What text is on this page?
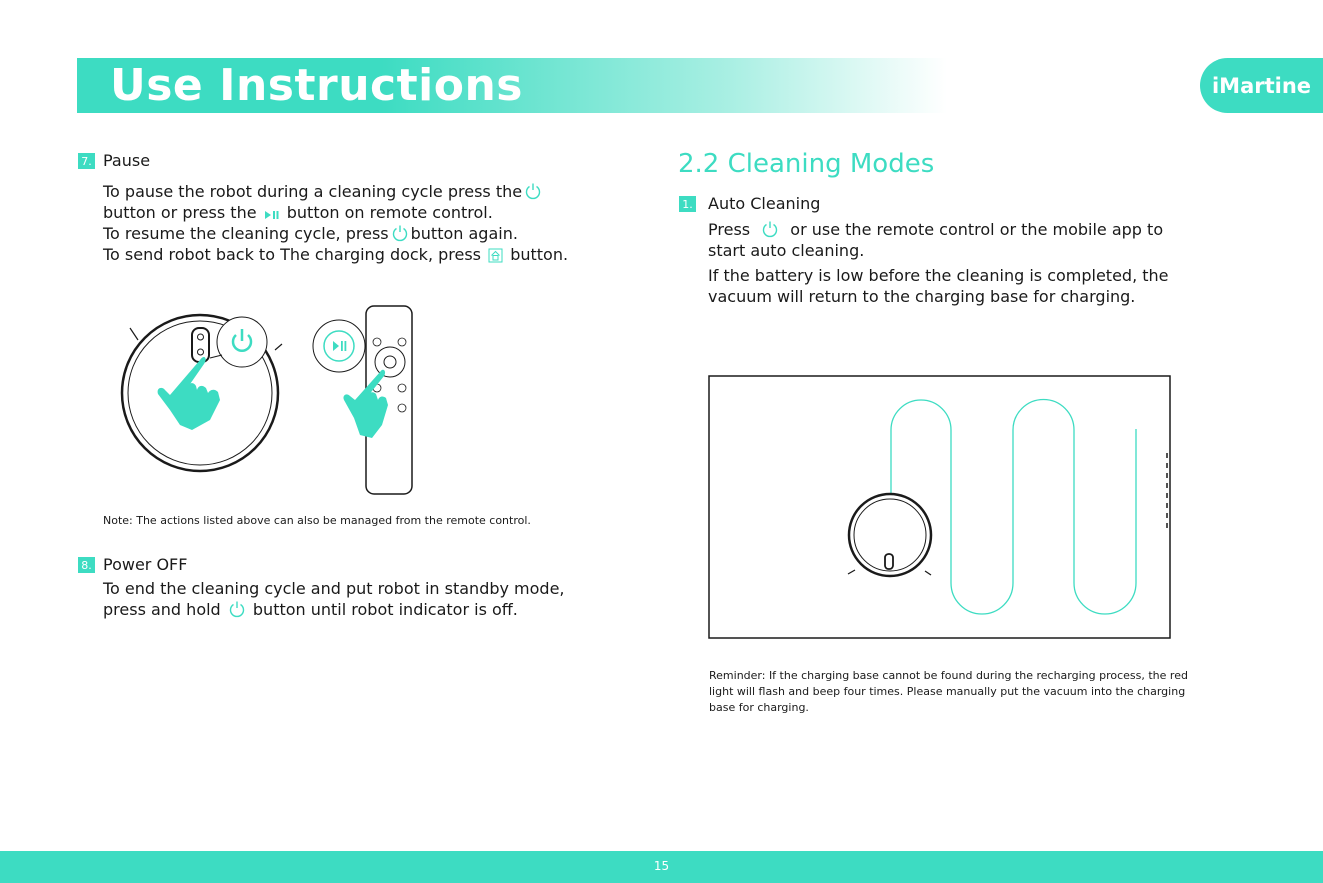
Use Instructions	iMartine
7. Pause
To pause the robot during a cleaning cycle press the
button or press the button on remote control.
To resume the cleaning cycle, press button again.
To send robot back to The charging dock, press button.
Note: The actions listed above can also be managed from the remote control.
8. Power OFF
To end the cleaning cycle and put robot in standby mode,
press and hold button until robot indicator is off.
2.2 Cleaning Modes
1. Auto Cleaning
Press	or use the remote control or the mobile app to
start auto cleaning.
If the battery is low before the cleaning is completed, the
vacuum will return to the charging base for charging.
Reminder: If the charging base cannot be found during the recharging process, the red light will flash and beep four times. Please manually put the vacuum into the charging base for charging.
15
